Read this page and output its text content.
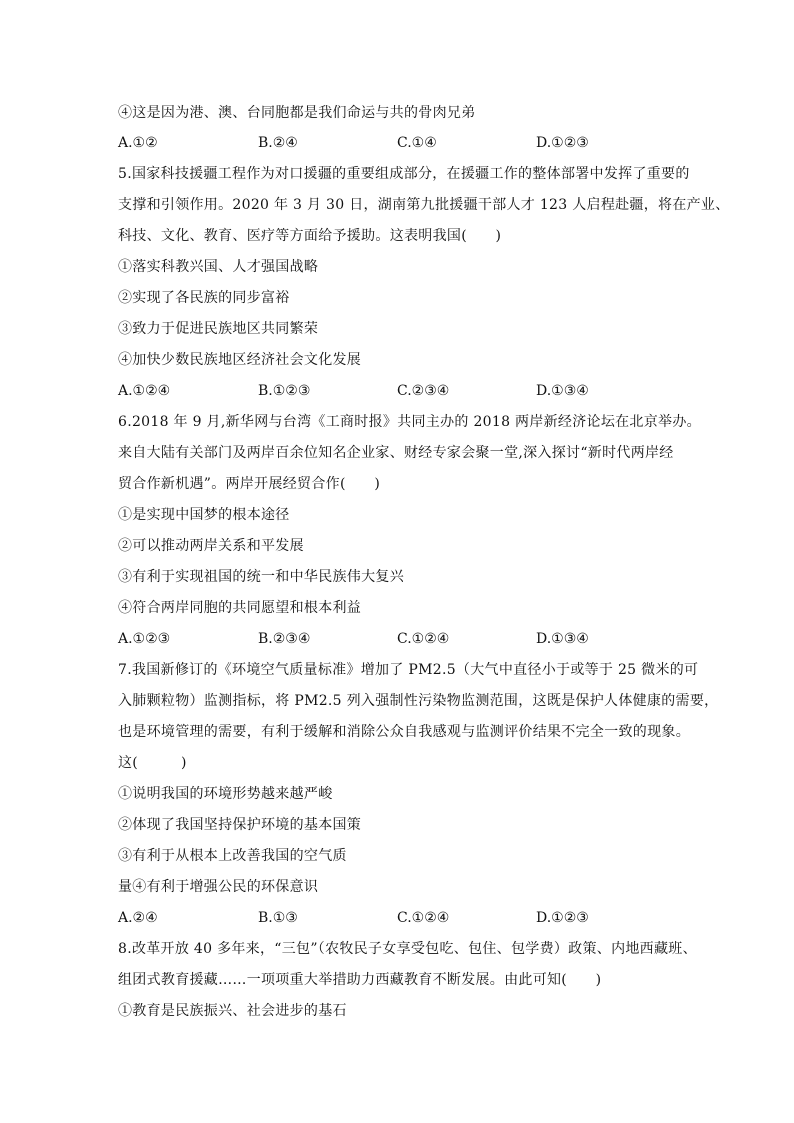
④这是因为港、澳、台同胞都是我们命运与共的骨肉兄弟
A.①②	B.②④	C.①④	D.①②③
5.国家科技援疆工程作为对口援疆的重要组成部分，在援疆工作的整体部署中发挥了重要的
支撑和引领作用。2020 年 3 月 30 日，湖南第九批援疆干部人才 123 人启程赴疆，将在产业、
科技、文化、教育、医疗等方面给予援助。这表明我国(　　)
①落实科教兴国、人才强国战略
②实现了各民族的同步富裕
③致力于促进民族地区共同繁荣
④加快少数民族地区经济社会文化发展
A.①②④	B.①②③	C.②③④	D.①③④
6.2018 年 9 月,新华网与台湾《工商时报》共同主办的 2018 两岸新经济论坛在北京举办。
来自大陆有关部门及两岸百余位知名企业家、财经专家会聚一堂,深入探讨“新时代两岸经
贸合作新机遇”。两岸开展经贸合作(　　)
①是实现中国梦的根本途径
②可以推动两岸关系和平发展
③有利于实现祖国的统一和中华民族伟大复兴
④符合两岸同胞的共同愿望和根本利益
A.①②③	B.②③④	C.①②④	D.①③④
7.我国新修订的《环境空气质量标准》增加了 PM2.5（大气中直径小于或等于 25 微米的可
入肺颗粒物）监测指标，将 PM2.5 列入强制性污染物监测范围，这既是保护人体健康的需要，
也是环境管理的需要，有利于缓解和消除公众自我感观与监测评价结果不完全一致的现象。
这(　　　)
①说明我国的环境形势越来越严峻
②体现了我国坚持保护环境的基本国策
③有利于从根本上改善我国的空气质
量④有利于增强公民的环保意识
A.②④	B.①③	C.①②④	D.①②③
8.改革开放 40 多年来，“三包”（农牧民子女享受包吃、包住、包学费）政策、内地西藏班、
组团式教育援藏……一项项重大举措助力西藏教育不断发展。由此可知(　　)
①教育是民族振兴、社会进步的基石
